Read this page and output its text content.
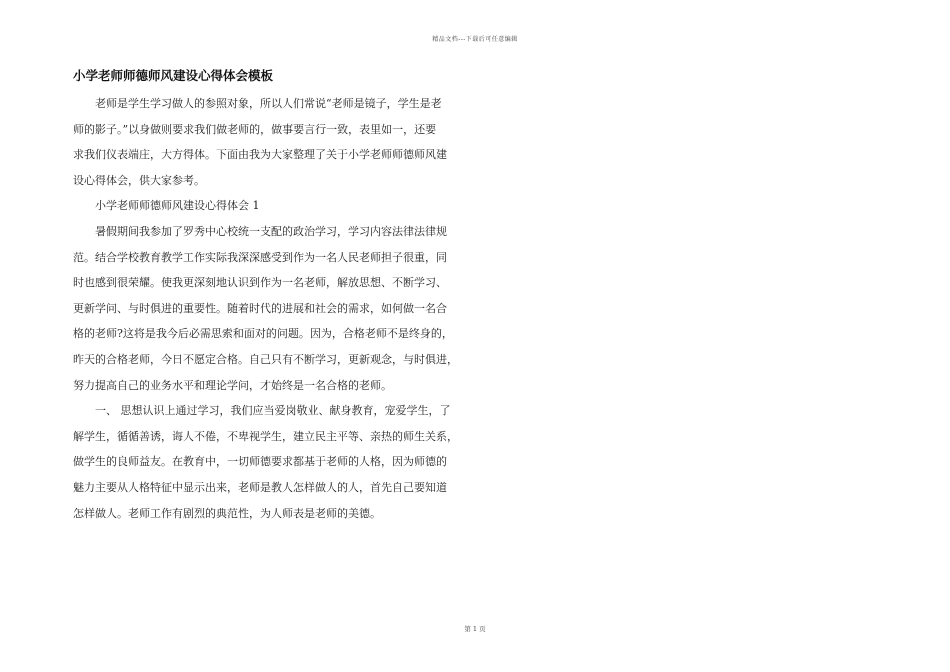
精品文档---下载后可任意编辑
小学老师师德师风建设心得体会模板

老师是学生学习做人的参照对象，所以人们常说“老师是镜子，学生是老
师的影子。”以身做则要求我们做老师的，做事要言行一致，表里如一，还要
求我们仪表端庄，大方得体。下面由我为大家整理了关于小学老师师德师风建
设心得体会，供大家参考。

小学老师师德师风建设心得体会 1

暑假期间我参加了罗秀中心校统一支配的政治学习，学习内容法律法律规
范。结合学校教育教学工作实际我深深感受到作为一名人民老师担子很重，同
时也感到很荣耀。使我更深刻地认识到作为一名老师，解放思想、不断学习、
更新学问、与时俱进的重要性。随着时代的进展和社会的需求，如何做一名合
格的老师?这将是我今后必需思索和面对的问题。因为，合格老师不是终身的，
昨天的合格老师，今日不愿定合格。自己只有不断学习，更新观念，与时俱进，
努力提高自己的业务水平和理论学问，才始终是一名合格的老师。

一、 思想认识上通过学习，我们应当爱岗敬业、献身教育，宠爱学生，了
解学生，循循善诱，诲人不倦，不卑视学生，建立民主平等、亲热的师生关系，
做学生的良师益友。在教育中，一切师德要求都基于老师的人格，因为师德的
魅力主要从人格特征中显示出来，老师是教人怎样做人的人，首先自己要知道
怎样做人。老师工作有剧烈的典范性，为人师表是老师的美德。

第 1 页
